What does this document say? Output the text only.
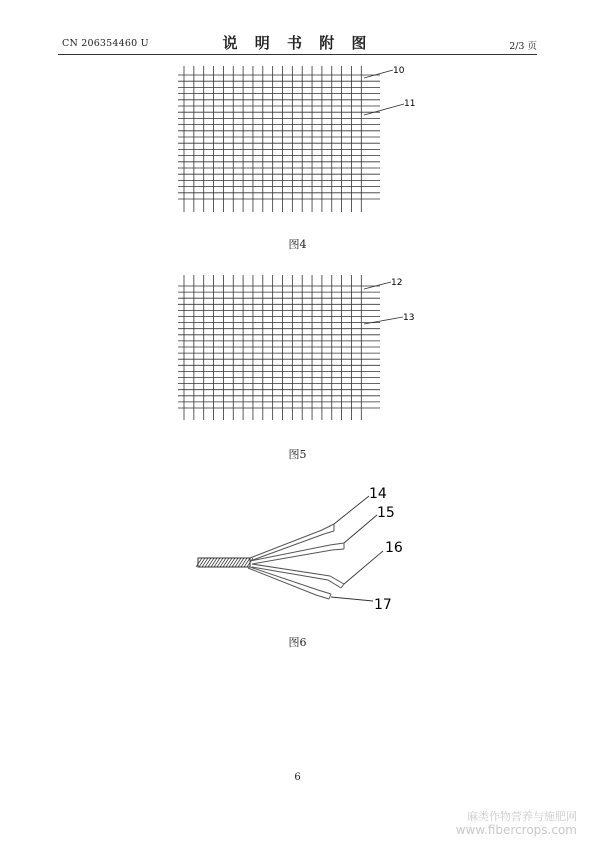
CN 206354460 U	说 明 书 附 图	2/3 页
10
11
12
13
14
15
16
17
图4
图5
图6
6
麻类作物营养与施肥网
www.fibercrops.com
